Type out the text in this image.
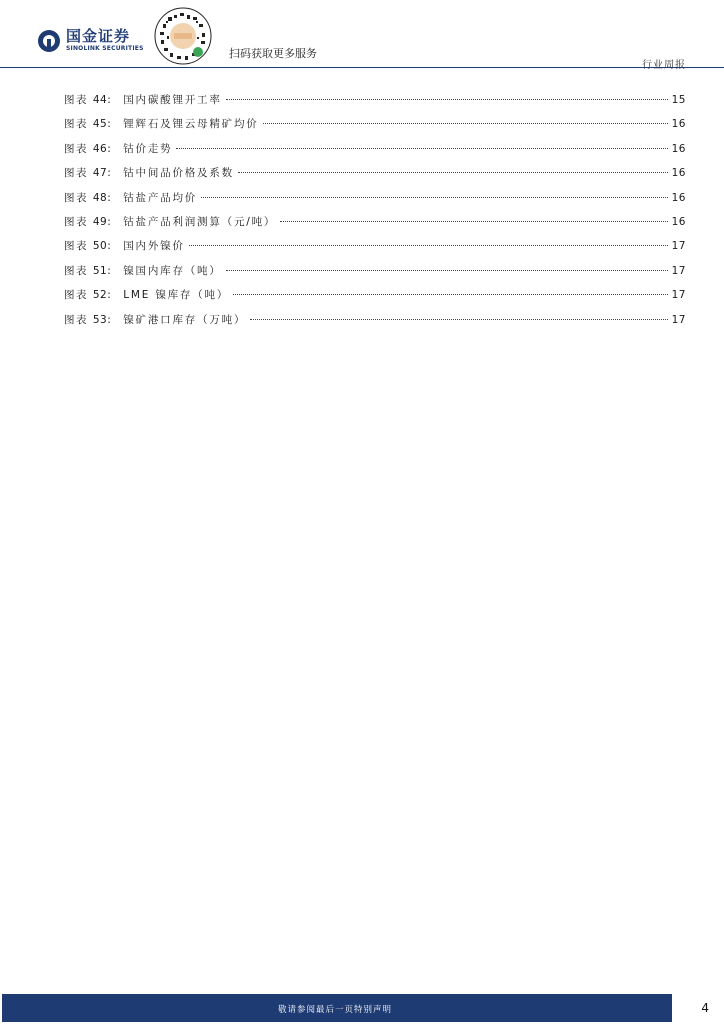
国金证券
SINOLINK SECURITIES	扫码获取更多服务
行业周报
图表 44: 国内碳酸锂开工率	15
图表 45: 锂辉石及锂云母精矿均价	16
图表 46: 钴价走势	16
图表 47: 钴中间品价格及系数	16
图表 48: 钴盐产品均价	16
图表 49: 钴盐产品利润测算（元/吨）	16
图表 50: 国内外镍价	17
图表 51: 镍国内库存（吨）	17
图表 52: LME 镍库存（吨）	17
图表 53: 镍矿港口库存（万吨）	17
敬请参阅最后一页特别声明	4
